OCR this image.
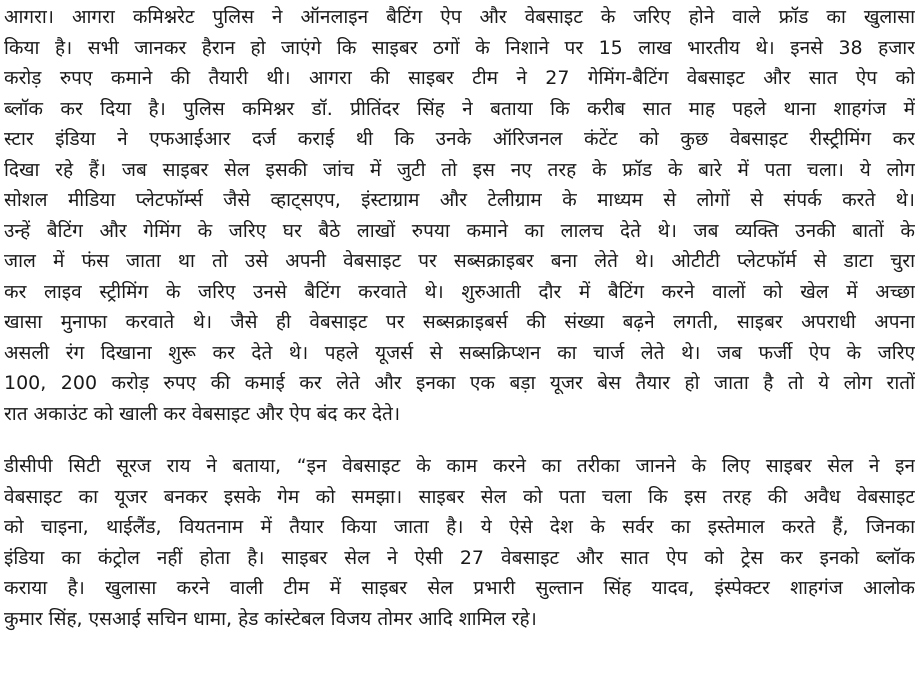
आगरा। आगरा कमिश्नरेट पुलिस ने ऑनलाइन बैटिंग ऐप और वेबसाइट के जरिए होने वाले फ्रॉड का खुलासा
किया है। सभी जानकर हैरान हो जाएंगे कि साइबर ठगों के निशाने पर 15 लाख भारतीय थे। इनसे 38 हजार
करोड़ रुपए कमाने की तैयारी थी। आगरा की साइबर टीम ने 27 गेमिंग-बैटिंग वेबसाइट और सात ऐप को
ब्लॉक कर दिया है। पुलिस कमिश्नर डॉ. प्रीतिंदर सिंह ने बताया कि करीब सात माह पहले थाना शाहगंज में
स्टार इंडिया ने एफआईआर दर्ज कराई थी कि उनके ऑरिजनल कंटेंट को कुछ वेबसाइट रीस्ट्रीमिंग कर
दिखा रहे हैं। जब साइबर सेल इसकी जांच में जुटी तो इस नए तरह के फ्रॉड के बारे में पता चला। ये लोग
सोशल मीडिया प्लेटफॉर्म्स जैसे व्हाट्सएप, इंस्टाग्राम और टेलीग्राम के माध्यम से लोगों से संपर्क करते थे।
उन्हें बैटिंग और गेमिंग के जरिए घर बैठे लाखों रुपया कमाने का लालच देते थे। जब व्यक्ति उनकी बातों के
जाल में फंस जाता था तो उसे अपनी वेबसाइट पर सब्सक्राइबर बना लेते थे। ओटीटी प्लेटफॉर्म से डाटा चुरा
कर लाइव स्ट्रीमिंग के जरिए उनसे बैटिंग करवाते थे। शुरुआती दौर में बैटिंग करने वालों को खेल में अच्छा
खासा मुनाफा करवाते थे। जैसे ही वेबसाइट पर सब्सक्राइबर्स की संख्या बढ़ने लगती, साइबर अपराधी अपना
असली रंग दिखाना शुरू कर देते थे। पहले यूजर्स से सब्सक्रिप्शन का चार्ज लेते थे। जब फर्जी ऐप के जरिए
100, 200 करोड़ रुपए की कमाई कर लेते और इनका एक बड़ा यूजर बेस तैयार हो जाता है तो ये लोग रातों
रात अकाउंट को खाली कर वेबसाइट और ऐप बंद कर देते।
डीसीपी सिटी सूरज राय ने बताया, “इन वेबसाइट के काम करने का तरीका जानने के लिए साइबर सेल ने इन
वेबसाइट का यूजर बनकर इसके गेम को समझा। साइबर सेल को पता चला कि इस तरह की अवैध वेबसाइट
को चाइना, थाईलैंड, वियतनाम में तैयार किया जाता है। ये ऐसे देश के सर्वर का इस्तेमाल करते हैं, जिनका
इंडिया का कंट्रोल नहीं होता है। साइबर सेल ने ऐसी 27 वेबसाइट और सात ऐप को ट्रेस कर इनको ब्लॉक
कराया है। खुलासा करने वाली टीम में साइबर सेल प्रभारी सुल्तान सिंह यादव, इंस्पेक्टर शाहगंज आलोक
कुमार सिंह, एसआई सचिन धामा, हेड कांस्टेबल विजय तोमर आदि शामिल रहे।
